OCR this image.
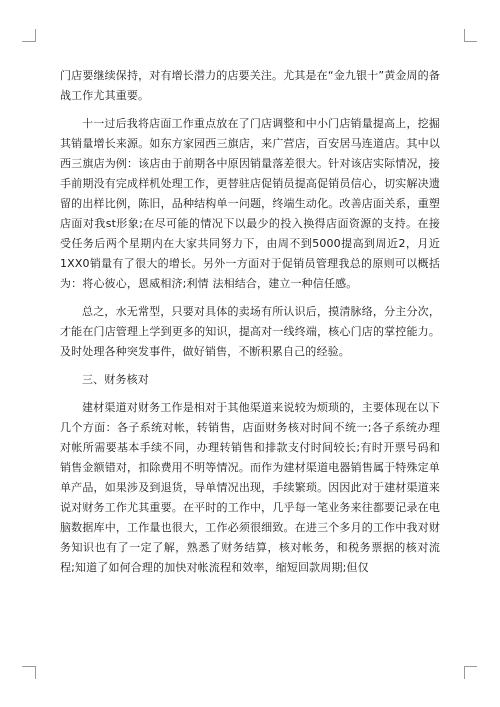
门店要继续保持，对有增长潜力的店要关注。尤其是在“金九银十”黄金周的备战工作尤其重要。

十一过后我将店面工作重点放在了门店调整和中小门店销量提高上，挖掘其销量增长来源。如东方家园西三旗店，来广营店，百安居马连道店。其中以西三旗店为例：该店由于前期各中原因销量落差很大。针对该店实际情况，接手前期没有完成样机处理工作，更替驻店促销员提高促销员信心，切实解决遗留的出样比例，陈旧，品种结构单一问题，终端生动化。改善店面关系，重塑店面对我st形象;在尽可能的情况下以最少的投入换得店面资源的支持。在接受任务后两个星期内在大家共同努力下，由周不到5000提高到周近2，月近1XX0销量有了很大的增长。另外一方面对于促销员管理我总的原则可以概括为：将心彼心，恩威相济;利情 法相结合，建立一种信任感。

总之，水无常型，只要对具体的卖场有所认识后，摸清脉络，分主分次，才能在门店管理上学到更多的知识，提高对一线终端，核心门店的掌控能力。及时处理各种突发事件，做好销售，不断积累自己的经验。

三、财务核对

建材渠道对财务工作是相对于其他渠道来说较为烦琐的，主要体现在以下几个方面：各子系统对帐，转销售，店面财务核对时间不统一;各子系统办理对帐所需要基本手续不同，办理转销售和排款支付时间较长;有时开票号码和销售金额错对，扣除费用不明等情况。而作为建材渠道电器销售属于特殊定单单产品，如果涉及到退货，导单情况出现，手续繁琐。因因此对于建材渠道来说对财务工作尤其重要。在平时的工作中，几乎每一笔业务来往都要记录在电脑数据库中，工作量也很大，工作必须很细致。在进三个多月的工作中我对财务知识也有了一定了解，熟悉了财务结算，核对帐务，和税务票据的核对流程;知道了如何合理的加快对帐流程和效率，缩短回款周期;但仅
